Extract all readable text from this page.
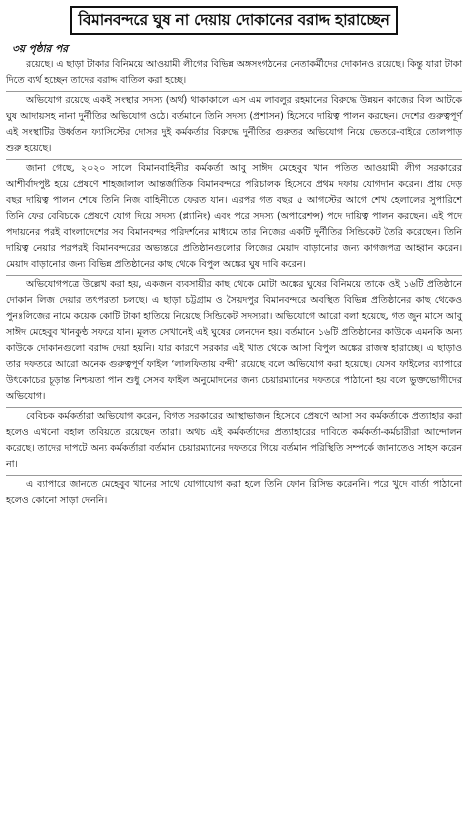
বিমানবন্দরে ঘুষ না দেয়ায় দোকানের বরাদ্দ হারাচ্ছেন
৩য় পৃষ্ঠার পর

রয়েছে। এ ছাড়া টাকার বিনিময়ে আওয়ামী লীগের বিভিন্ন অঙ্গসংগঠনের নেতাকর্মীদের দোকানও রয়েছে। কিন্তু যারা টাকা দিতে ব্যর্থ হচ্ছেন তাদের বরাদ্দ বাতিল করা হচ্ছে।

অভিযোগ রয়েছে একই সংস্থার সদস্য (অর্থ) থাকাকালে এস এম লাবলুর রহমানের বিরুদ্ধে উন্নয়ন কাজের বিল আটকে ঘুষ আদায়সহ নানা দুর্নীতির অভিযোগ ওঠে। বর্তমানে তিনি সদস্য (প্রশাসন) হিসেবে দায়িত্ব পালন করছেন। দেশের গুরুত্বপূর্ণ এই সংস্থাটির উর্ধ্বতন ফ্যাসিস্টের দোসর দুই কর্মকর্তার বিরুদ্ধে দুর্নীতির গুরুতর অভিযোগ নিয়ে ভেতরে-বাইরে তোলপাড় শুরু হয়েছে।

জানা গেছে, ২০২০ সালে বিমানবাহিনীর কর্মকর্তা আবু সাঈদ মেহেবুব খান পতিত আওয়ামী লীগ সরকারের আশীর্বাদপুষ্ট হয়ে প্রেষণে শাহজালাল আন্তর্জাতিক বিমানবন্দরে পরিচালক হিসেবে প্রথম দফায় যোগদান করেন। প্রায় দেড় বছর দায়িত্ব পালন শেষে তিনি নিজ বাহিনীতে ফেরত যান। এরপর গত বছর ৫ আগস্টের আগে শেখ হেলালের সুপারিশে তিনি ফের বেবিচকে প্রেষণে যোগ দিয়ে সদস্য (প্ল্যানিং) এবং পরে সদস্য (অপারেশন্স) পদে দায়িত্ব পালন করছেন। এই পদে পদায়নের পরই বাংলাদেশের সব বিমানবন্দর পরিদর্শনের মাধ্যমে তার নিজের একটি দুর্নীতির সিন্ডিকেট তৈরি করেছেন। তিনি দায়িত্ব নেয়ার পরপরই বিমানবন্দরের অভ্যন্তরে প্রতিষ্ঠানগুলোর লিজের মেয়াদ বাড়ানোর জন্য কাগজপত্র আহ্বান করেন। মেয়াদ বাড়ানোর জন্য বিভিন্ন প্রতিষ্ঠানের কাছ থেকে বিপুল অঙ্কের ঘুষ দাবি করেন।

অভিযোগপত্রে উল্লেখ করা হয়, একজন ব্যবসায়ীর কাছ থেকে মোটা অঙ্কের ঘুষের বিনিময়ে তাকে ওই ১৬টি প্রতিষ্ঠানে দোকান লিজ দেয়ার তৎপরতা চলছে। এ ছাড়া চট্টগ্রাম ও সৈয়দপুর বিমানবন্দরে অবস্থিত বিভিন্ন প্রতিষ্ঠানের কাছ থেকেও পুনঃলিজের নামে কয়েক কোটি টাকা হাতিয়ে নিয়েছে সিন্ডিকেট সদস্যরা। অভিযোগে আরো বলা হয়েছে, গত জুন মাসে আবু সাঈদ মেহেবুব খানকুণ্ঠ সফরে যান। মূলত সেখানেই এই ঘুষের লেনদেন হয়। বর্তমানে ১৬টি প্রতিষ্ঠানের কাউকে এমনকি অন্য কাউকে দোকানগুলো বরাদ্দ দেয়া হয়নি। যার কারণে সরকার এই খাত থেকে আসা বিপুল অঙ্কের রাজস্ব হারাচ্ছে। এ ছাড়াও তার দফতরে আরো অনেক গুরুত্বপূর্ণ ফাইল ‘লালফিতায় বন্দী’ রয়েছে বলে অভিযোগ করা হয়েছে। যেসব ফাইলের ব্যাপারে উৎকোচের চূড়ান্ত নিশ্চয়তা পান শুধু সেসব ফাইল অনুমোদনের জন্য চেয়ারম্যানের দফতরে পাঠানো হয় বলে ভুক্তভোগীদের অভিযোগ।

বেবিচক কর্মকর্তারা অভিযোগ করেন, বিগত সরকারের আস্থাভাজন হিসেবে প্রেষণে আসা সব কর্মকর্তাকে প্রত্যাহার করা হলেও এখনো বহাল তবিয়তে রয়েছেন তারা। অথচ এই কর্মকর্তাদের প্রত্যাহারের দাবিতে কর্মকর্তা-কর্মচারীরা আন্দোলন করেছে। তাদের দাপটে অন্য কর্মকর্তারা বর্তমান চেয়ারম্যানের দফতরে গিয়ে বর্তমান পরিস্থিতি সম্পর্কে জানাতেও সাহস করেন না।

এ ব্যাপারে জানতে মেহেবুব খানের সাথে যোগাযোগ করা হলে তিনি ফোন রিসিভ করেননি। পরে খুদে বার্তা পাঠানো হলেও কোনো সাড়া দেননি।
